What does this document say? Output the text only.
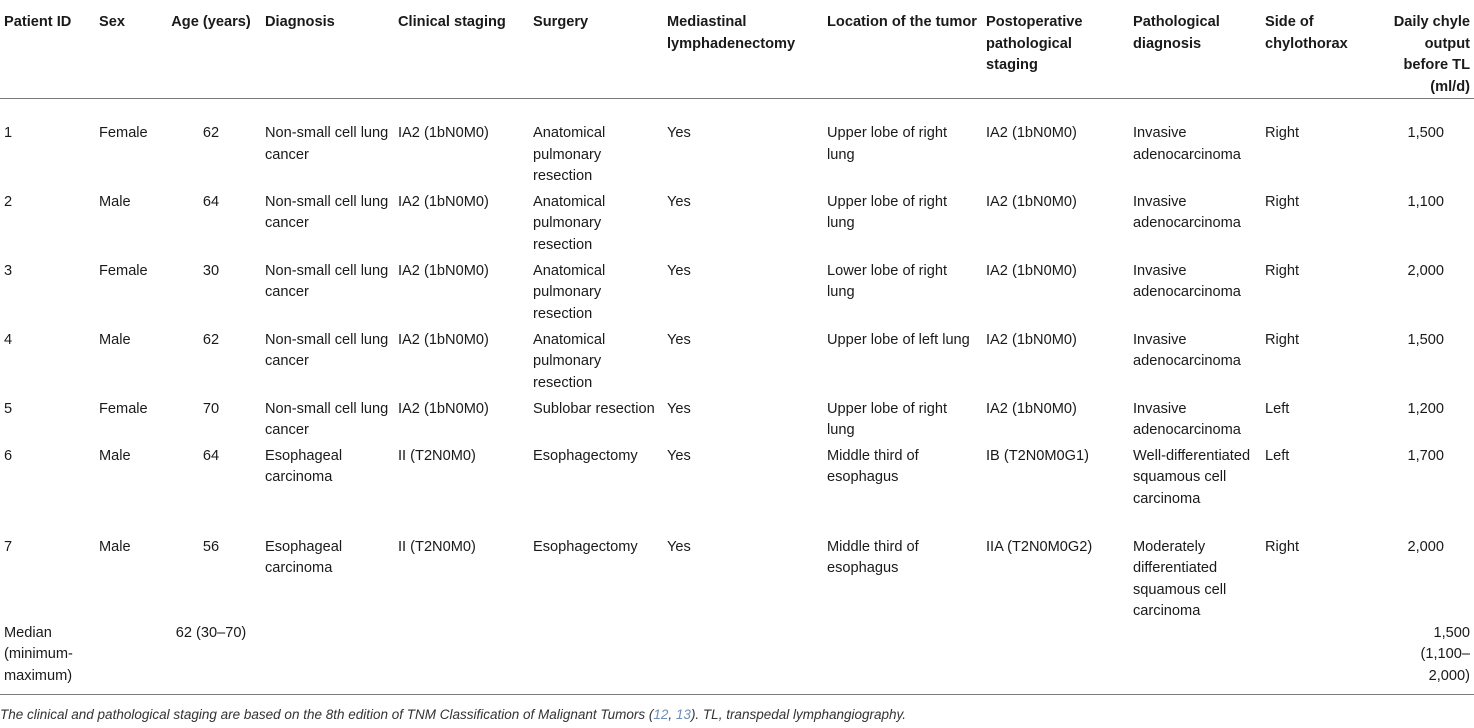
Patient ID	Sex	Age (years)	Diagnosis	Clinical staging	Surgery	Mediastinal lymphadenectomy	Location of the tumor	Postoperative pathological staging	Pathological diagnosis	Side of chylothorax	Daily chyle output before TL (ml/d)
1	Female	62	Non-small cell lung cancer	IA2 (1bN0M0)	Anatomical pulmonary resection	Yes	Upper lobe of right lung	IA2 (1bN0M0)	Invasive adenocarcinoma	Right	1,500
2	Male	64	Non-small cell lung cancer	IA2 (1bN0M0)	Anatomical pulmonary resection	Yes	Upper lobe of right lung	IA2 (1bN0M0)	Invasive adenocarcinoma	Right	1,100
3	Female	30	Non-small cell lung cancer	IA2 (1bN0M0)	Anatomical pulmonary resection	Yes	Lower lobe of right lung	IA2 (1bN0M0)	Invasive adenocarcinoma	Right	2,000
4	Male	62	Non-small cell lung cancer	IA2 (1bN0M0)	Anatomical pulmonary resection	Yes	Upper lobe of left lung	IA2 (1bN0M0)	Invasive adenocarcinoma	Right	1,500
5	Female	70	Non-small cell lung cancer	IA2 (1bN0M0)	Sublobar resection	Yes	Upper lobe of right lung	IA2 (1bN0M0)	Invasive adenocarcinoma	Left	1,200
6	Male	64	Esophageal carcinoma	II (T2N0M0)	Esophagectomy	Yes	Middle third of esophagus	IB (T2N0M0G1)	Well-differentiated squamous cell carcinoma	Left	1,700
7	Male	56	Esophageal carcinoma	II (T2N0M0)	Esophagectomy	Yes	Middle third of esophagus	IIA (T2N0M0G2)	Moderately differentiated squamous cell carcinoma	Right	2,000
Median (minimum-maximum)		62 (30–70)									1,500 (1,100–2,000)
The clinical and pathological staging are based on the 8th edition of TNM Classification of Malignant Tumors (12, 13). TL, transpedal lymphangiography.
